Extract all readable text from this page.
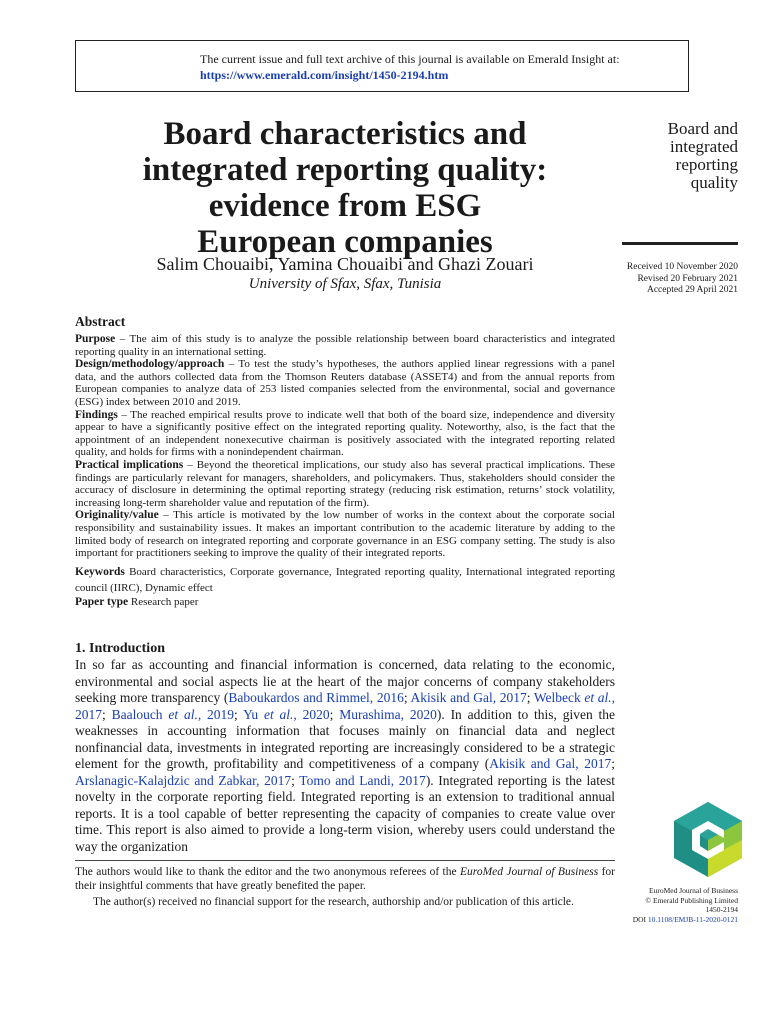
The current issue and full text archive of this journal is available on Emerald Insight at:
https://www.emerald.com/insight/1450-2194.htm
Board characteristics and
integrated reporting quality:
evidence from ESG
European companies
Salim Chouaibi, Yamina Chouaibi and Ghazi Zouari
University of Sfax, Sfax, Tunisia
Board and
integrated
reporting
quality
Received 10 November 2020
Revised 20 February 2021
Accepted 29 April 2021
Abstract

Purpose – The aim of this study is to analyze the possible relationship between board characteristics and integrated reporting quality in an international setting.

Design/methodology/approach – To test the study’s hypotheses, the authors applied linear regressions with a panel data, and the authors collected data from the Thomson Reuters database (ASSET4) and from the annual reports from European companies to analyze data of 253 listed companies selected from the environmental, social and governance (ESG) index between 2010 and 2019.

Findings – The reached empirical results prove to indicate well that both of the board size, independence and diversity appear to have a significantly positive effect on the integrated reporting quality. Noteworthy, also, is the fact that the appointment of an independent nonexecutive chairman is positively associated with the integrated reporting related quality, and holds for firms with a nonindependent chairman.

Practical implications – Beyond the theoretical implications, our study also has several practical implications. These findings are particularly relevant for managers, shareholders, and policymakers. Thus, stakeholders should consider the accuracy of disclosure in determining the optimal reporting strategy (reducing risk estimation, returns’ stock volatility, increasing long-term shareholder value and reputation of the firm).

Originality/value – This article is motivated by the low number of works in the context about the corporate social responsibility and sustainability issues. It makes an important contribution to the academic literature by adding to the limited body of research on integrated reporting and corporate governance in an ESG company setting. The study is also important for practitioners seeking to improve the quality of their integrated reports.

Keywords Board characteristics, Corporate governance, Integrated reporting quality, International integrated reporting council (IIRC), Dynamic effect

Paper type Research paper

1. Introduction

In so far as accounting and financial information is concerned, data relating to the economic, environmental and social aspects lie at the heart of the major concerns of company stakeholders seeking more transparency (Baboukardos and Rimmel, 2016; Akisik and Gal, 2017; Welbeck et al., 2017; Baalouch et al., 2019; Yu et al., 2020; Murashima, 2020). In addition to this, given the weaknesses in accounting information that focuses mainly on financial data and neglect nonfinancial data, investments in integrated reporting are increasingly considered to be a strategic element for the growth, profitability and competitiveness of a company (Akisik and Gal, 2017; Arslanagic-Kalajdzic and Zabkar, 2017; Tomo and Landi, 2017). Integrated reporting is the latest novelty in the corporate reporting field. Integrated reporting is an extension to traditional annual reports. It is a tool capable of better representing the capacity of companies to create value over time. This report is also aimed to provide a long-term vision, whereby users could understand the way the organization

The authors would like to thank the editor and the two anonymous referees of the EuroMed Journal of Business for their insightful comments that have greatly benefited the paper.

The author(s) received no financial support for the research, authorship and/or publication of this article.

EuroMed Journal of Business
© Emerald Publishing Limited
1450-2194
DOI 10.1108/EMJB-11-2020-0121
